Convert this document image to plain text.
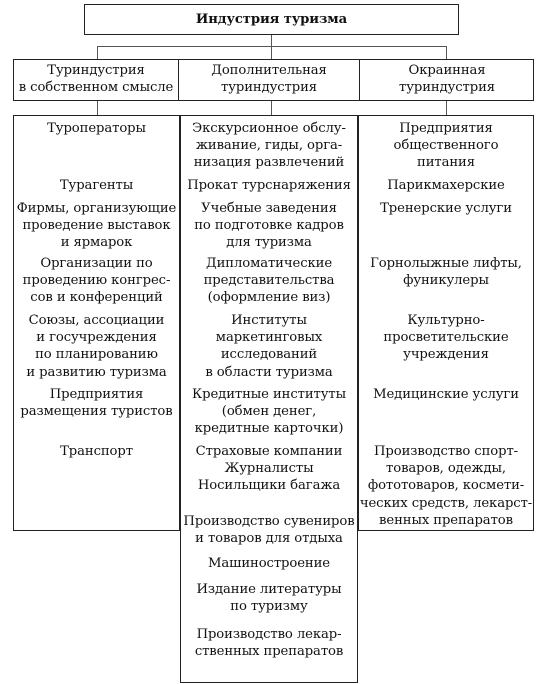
Индустрия туризма
Туриндустрия
в собственном смысле
Дополнительная
туриндустрия
Окраинная
туриндустрия
Туроператоры
Турагенты
Фирмы, организующие
проведение выставок
и ярмарок
Организации по
проведению конгрес-
сов и конференций
Союзы, ассоциации
и госучреждения
по планированию
и развитию туризма
Предприятия
размещения туристов
Транспорт
Предприятия
общественного
питания
Парикмахерские
Тренерские услуги
Горнолыжные лифты,
фуникулеры
Культурно-
просветительские
учреждения
Медицинские услуги
Производство спорт-
товаров, одежды,
фототоваров, космети-
ческих средств, лекарст-
венных препаратов
Экскурсионное обслу-
живание, гиды, орга-
низация развлечений
Прокат турснаряжения
Учебные заведения
по подготовке кадров
для туризма
Дипломатические
представительства
(оформление виз)
Институты
маркетинговых
исследований
в области туризма
Кредитные институты
(обмен денег,
кредитные карточки)
Страховые компании
Журналисты
Носильщики багажа
Производство сувениров
и товаров для отдыха
Машиностроение
Издание литературы
по туризму
Производство лекар-
ственных препаратов
